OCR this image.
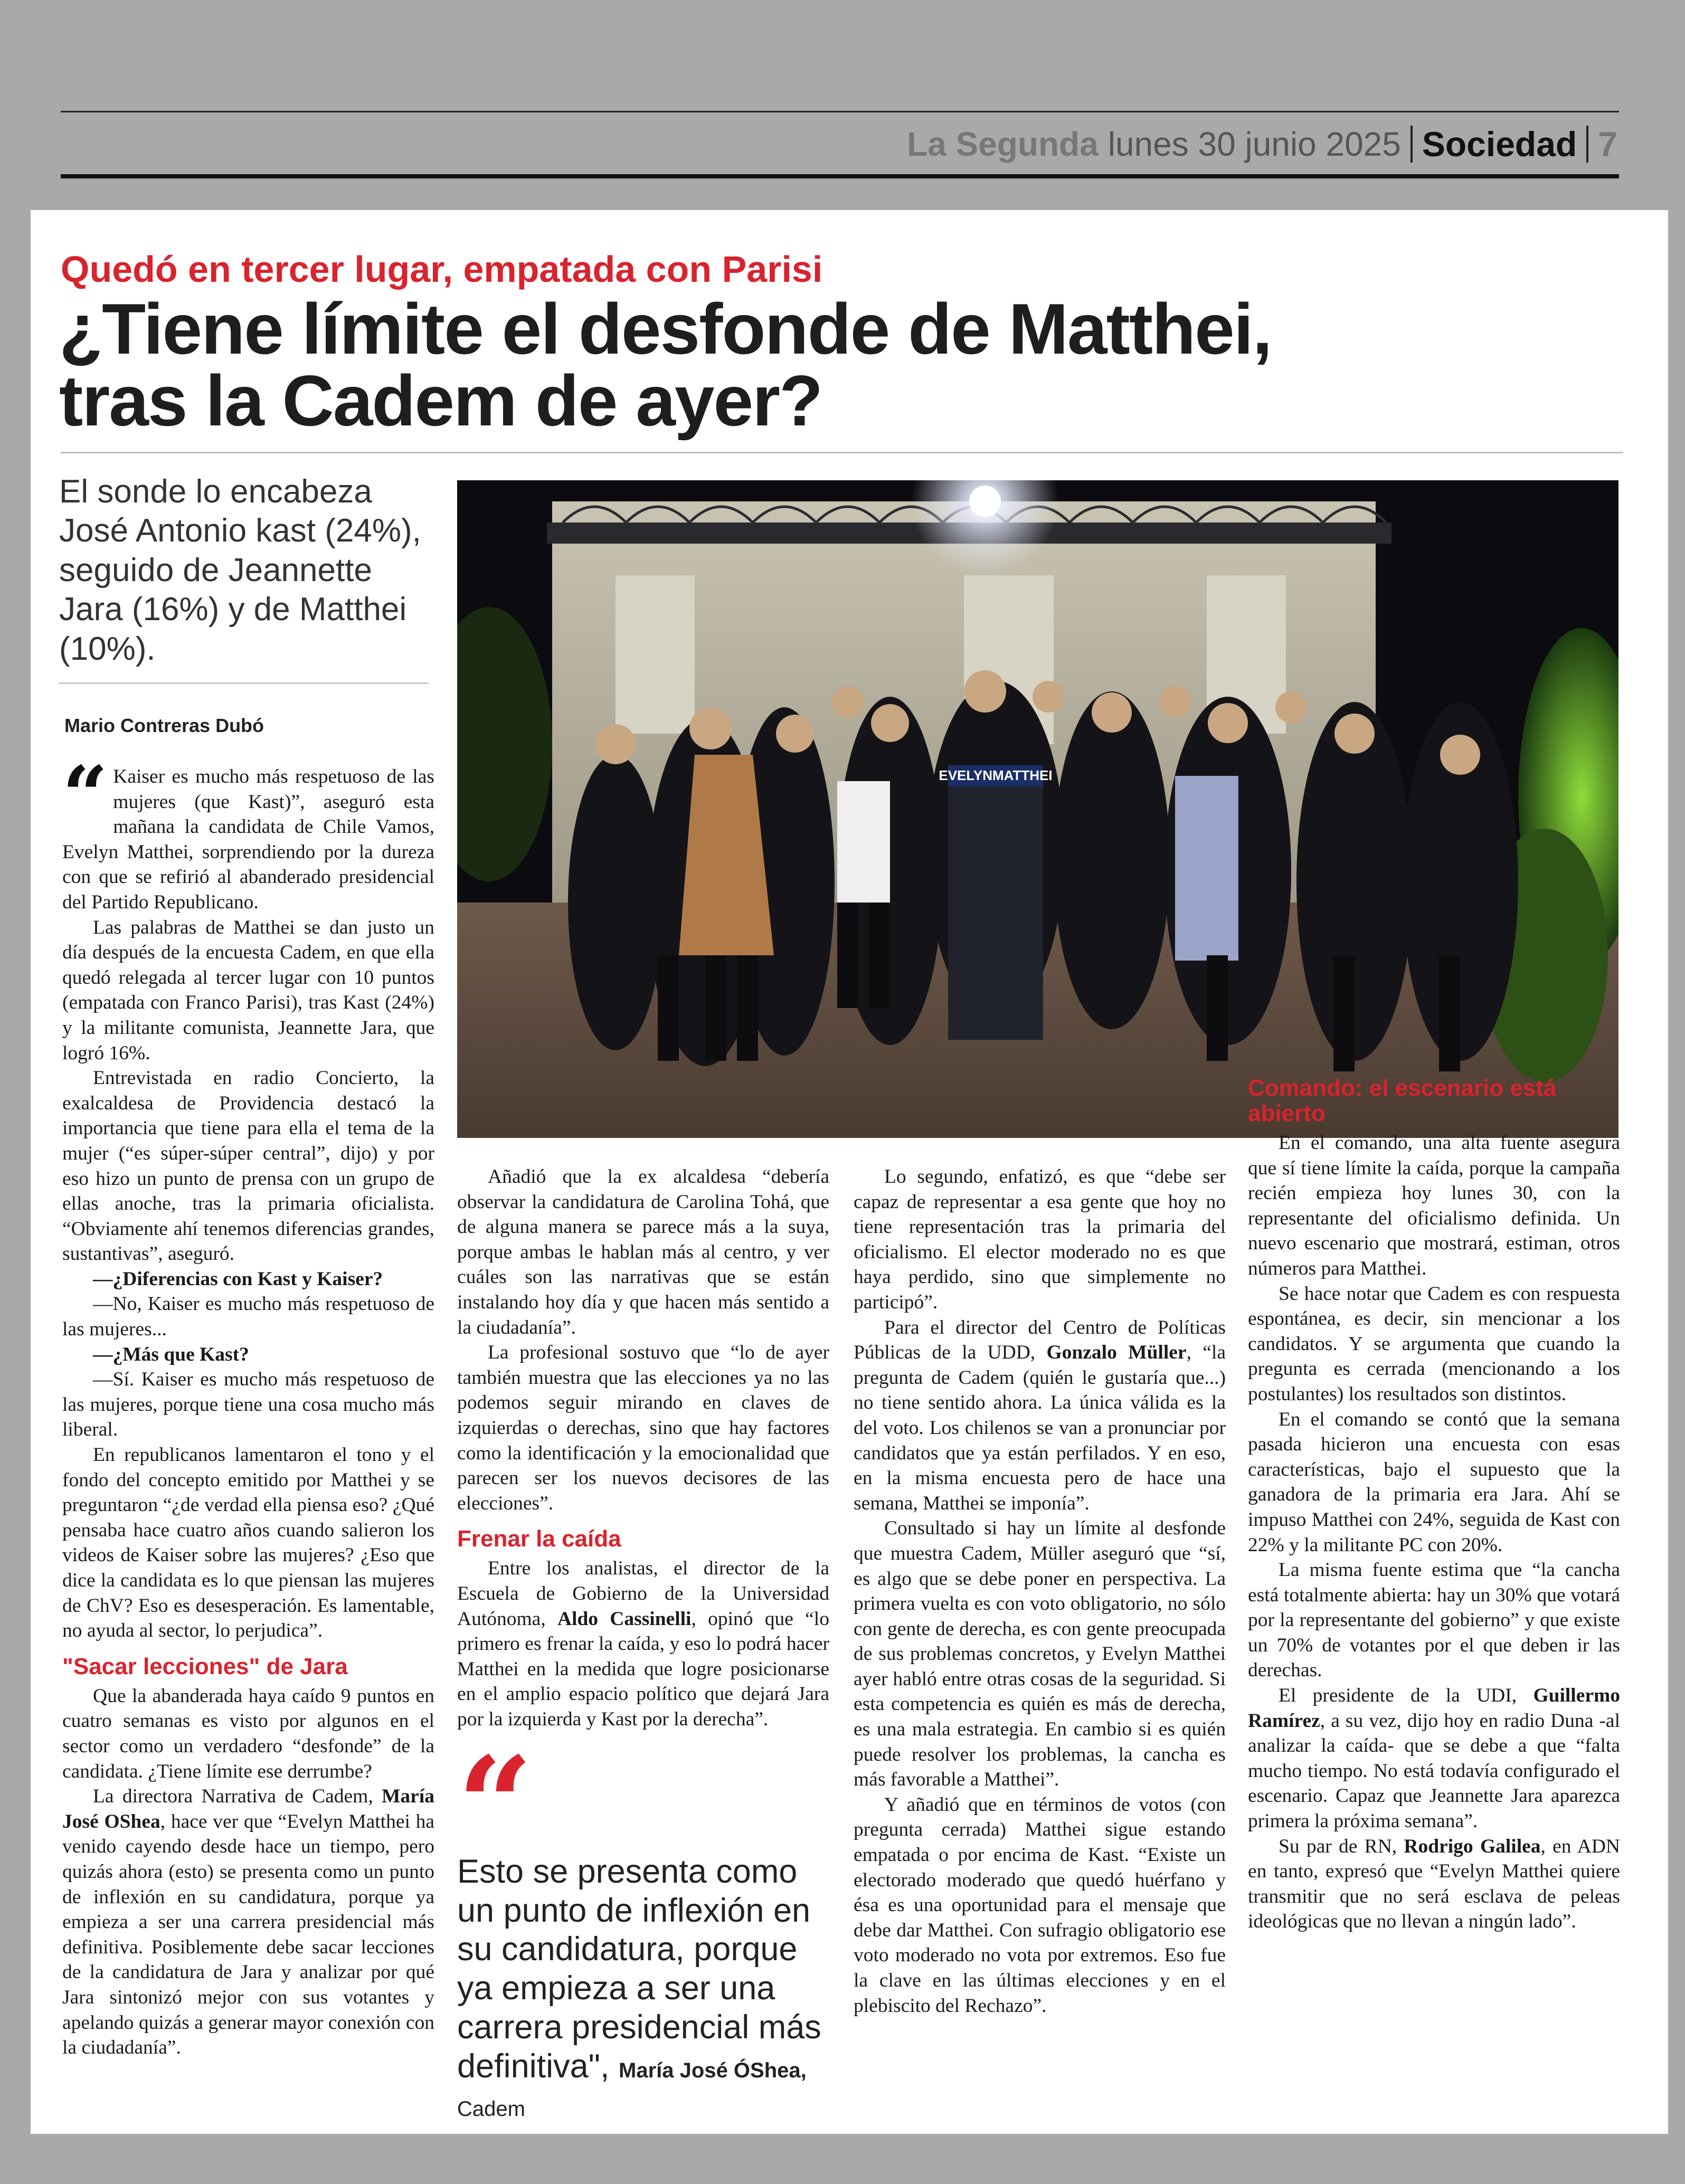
La Segunda lunes 30 junio 2025 Sociedad 7
Quedó en tercer lugar, empatada con Parisi
¿Tiene límite el desfonde de Matthei,
tras la Cadem de ayer?
El sonde lo encabeza José Antonio kast (24%), seguido de Jeannette Jara (16%) y de Matthei (10%).
Mario Contreras Dubó
EVELYNMATTHEI

“ Kaiser es mucho más respetuoso de las mujeres (que Kast)”, aseguró esta mañana la candidata de Chile Vamos, Evelyn Matthei, sorprendiendo por la dureza con que se refirió al abanderado presidencial del Partido Republicano.

Las palabras de Matthei se dan justo un día después de la encuesta Cadem, en que ella quedó relegada al tercer lugar con 10 puntos (empatada con Franco Parisi), tras Kast (24%) y la militante comunista, Jeannette Jara, que logró 16%.

Entrevistada en radio Concierto, la exalcaldesa de Providencia destacó la importancia que tiene para ella el tema de la mujer (“es súper-súper central”, dijo) y por eso hizo un punto de prensa con un grupo de ellas anoche, tras la primaria oficialista. “Obviamente ahí tenemos diferencias grandes, sustantivas”, aseguró.

—¿Diferencias con Kast y Kaiser?

—No, Kaiser es mucho más respetuoso de las mujeres...

—¿Más que Kast?

—Sí. Kaiser es mucho más respetuoso de las mujeres, porque tiene una cosa mucho más liberal.

En republicanos lamentaron el tono y el fondo del concepto emitido por Matthei y se preguntaron “¿de verdad ella piensa eso? ¿Qué pensaba hace cuatro años cuando salieron los videos de Kaiser sobre las mujeres? ¿Eso que dice la candidata es lo que piensan las mujeres de ChV? Eso es desesperación. Es lamentable, no ayuda al sector, lo perjudica”.

"Sacar lecciones" de Jara

Que la abanderada haya caído 9 puntos en cuatro semanas es visto por algunos en el sector como un verdadero “desfonde” de la candidata. ¿Tiene límite ese derrumbe?

La directora Narrativa de Cadem, María José OShea, hace ver que “Evelyn Matthei ha venido cayendo desde hace un tiempo, pero quizás ahora (esto) se presenta como un punto de inflexión en su candidatura, porque ya empieza a ser una carrera presidencial más definitiva. Posiblemente debe sacar lecciones de la candidatura de Jara y analizar por qué Jara sintonizó mejor con sus votantes y apelando quizás a generar mayor conexión con la ciudadanía”.

Añadió que la ex alcaldesa “debería observar la candidatura de Carolina Tohá, que de alguna manera se parece más a la suya, porque ambas le hablan más al centro, y ver cuáles son las narrativas que se están instalando hoy día y que hacen más sentido a la ciudadanía”.

La profesional sostuvo que “lo de ayer también muestra que las elecciones ya no las podemos seguir mirando en claves de izquierdas o derechas, sino que hay factores como la identificación y la emocionalidad que parecen ser los nuevos decisores de las elecciones”.

Frenar la caída

Entre los analistas, el director de la Escuela de Gobierno de la Universidad Autónoma, Aldo Cassinelli, opinó que “lo primero es frenar la caída, y eso lo podrá hacer Matthei en la medida que logre posicionarse en el amplio espacio político que dejará Jara por la izquierda y Kast por la derecha”.

“
Esto se presenta como un punto de inflexión en su candidatura, porque ya empieza a ser una carrera presidencial más definitiva", María José ÓShea,
Cadem

Lo segundo, enfatizó, es que “debe ser capaz de representar a esa gente que hoy no tiene representación tras la primaria del oficialismo. El elector moderado no es que haya perdido, sino que simplemente no participó”.

Para el director del Centro de Políticas Públicas de la UDD, Gonzalo Müller, “la pregunta de Cadem (quién le gustaría que...) no tiene sentido ahora. La única válida es la del voto. Los chilenos se van a pronunciar por candidatos que ya están perfilados. Y en eso, en la misma encuesta pero de hace una semana, Matthei se imponía”.

Consultado si hay un límite al desfonde que muestra Cadem, Müller aseguró que “sí, es algo que se debe poner en perspectiva. La primera vuelta es con voto obligatorio, no sólo con gente de derecha, es con gente preocupada de sus problemas concretos, y Evelyn Matthei ayer habló entre otras cosas de la seguridad. Si esta competencia es quién es más de derecha, es una mala estrategia. En cambio si es quién puede resolver los problemas, la cancha es más favorable a Matthei”.

Y añadió que en términos de votos (con pregunta cerrada) Matthei sigue estando empatada o por encima de Kast. “Existe un electorado moderado que quedó huérfano y ésa es una oportunidad para el mensaje que debe dar Matthei. Con sufragio obligatorio ese voto moderado no vota por extremos. Eso fue la clave en las últimas elecciones y en el plebiscito del Rechazo”.

Comando: el escenario está abierto

En el comando, una alta fuente asegura que sí tiene límite la caída, porque la campaña recién empieza hoy lunes 30, con la representante del oficialismo definida. Un nuevo escenario que mostrará, estiman, otros números para Matthei.

Se hace notar que Cadem es con respuesta espontánea, es decir, sin mencionar a los candidatos. Y se argumenta que cuando la pregunta es cerrada (mencionando a los postulantes) los resultados son distintos.

En el comando se contó que la semana pasada hicieron una encuesta con esas características, bajo el supuesto que la ganadora de la primaria era Jara. Ahí se impuso Matthei con 24%, seguida de Kast con 22% y la militante PC con 20%.

La misma fuente estima que “la cancha está totalmente abierta: hay un 30% que votará por la representante del gobierno” y que existe un 70% de votantes por el que deben ir las derechas.

El presidente de la UDI, Guillermo Ramírez, a su vez, dijo hoy en radio Duna -al analizar la caída- que se debe a que “falta mucho tiempo. No está todavía configurado el escenario. Capaz que Jeannette Jara aparezca primera la próxima semana”.

Su par de RN, Rodrigo Galilea, en ADN en tanto, expresó que “Evelyn Matthei quiere transmitir que no será esclava de peleas ideológicas que no llevan a ningún lado”.
